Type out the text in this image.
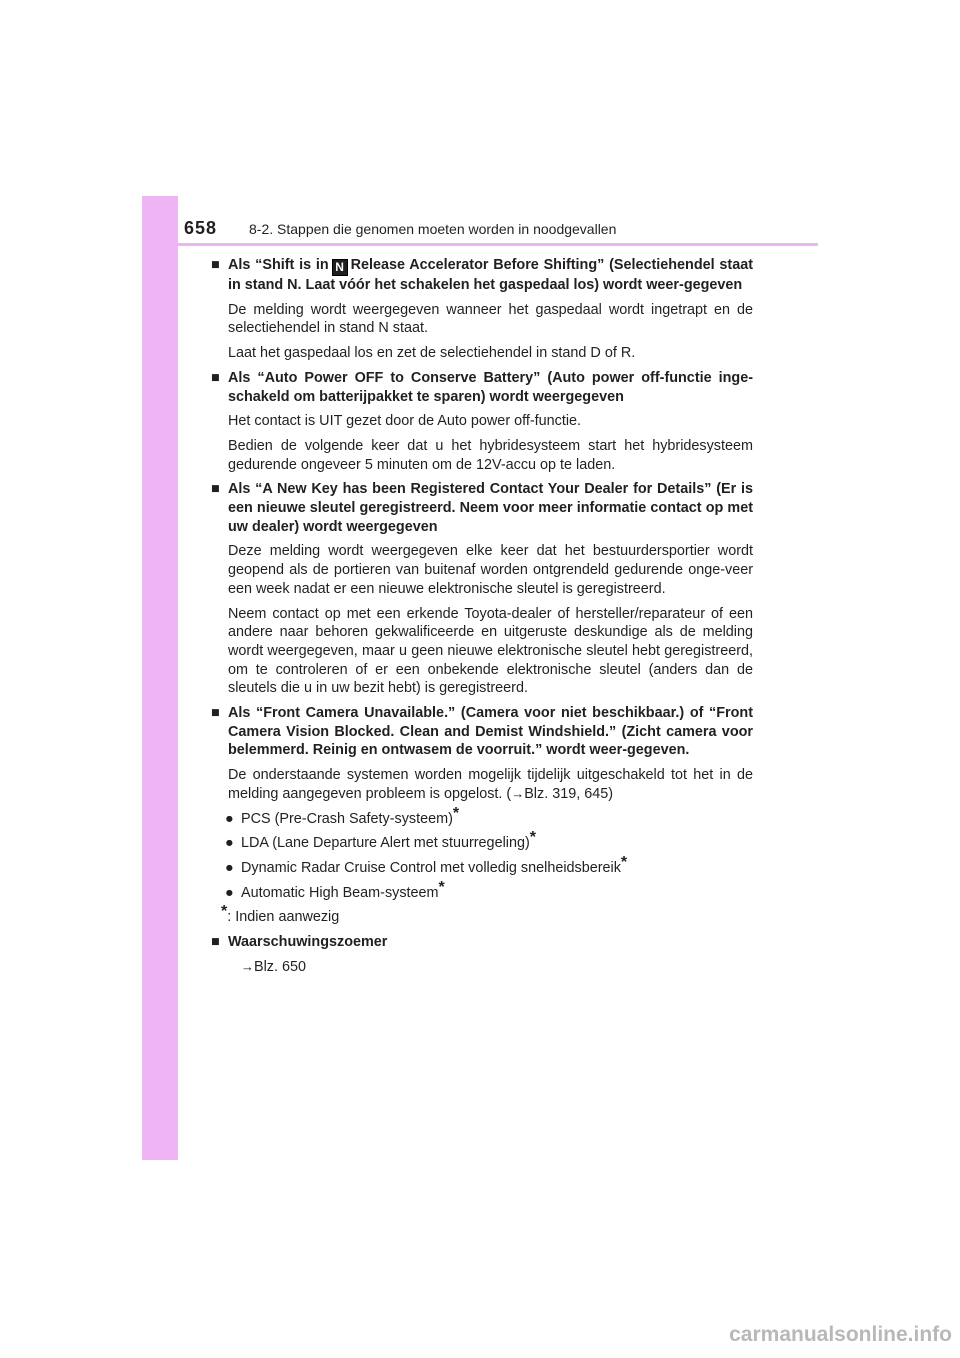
658 8-2. Stappen die genomen moeten worden in noodgevallen
■ Als “Shift is in N Release Accelerator Before Shifting” (Selectiehendel staat in stand N. Laat vóór het schakelen het gaspedaal los) wordt weer-gegeven
De melding wordt weergegeven wanneer het gaspedaal wordt ingetrapt en de selectiehendel in stand N staat.
Laat het gaspedaal los en zet de selectiehendel in stand D of R.
■ Als “Auto Power OFF to Conserve Battery” (Auto power off-functie inge-schakeld om batterijpakket te sparen) wordt weergegeven
Het contact is UIT gezet door de Auto power off-functie.
Bedien de volgende keer dat u het hybridesysteem start het hybridesysteem gedurende ongeveer 5 minuten om de 12V-accu op te laden.
■ Als “A New Key has been Registered Contact Your Dealer for Details” (Er is een nieuwe sleutel geregistreerd. Neem voor meer informatie contact op met uw dealer) wordt weergegeven
Deze melding wordt weergegeven elke keer dat het bestuurdersportier wordt geopend als de portieren van buitenaf worden ontgrendeld gedurende onge-veer een week nadat er een nieuwe elektronische sleutel is geregistreerd.
Neem contact op met een erkende Toyota-dealer of hersteller/reparateur of een andere naar behoren gekwalificeerde en uitgeruste deskundige als de melding wordt weergegeven, maar u geen nieuwe elektronische sleutel hebt geregistreerd, om te controleren of er een onbekende elektronische sleutel (anders dan de sleutels die u in uw bezit hebt) is geregistreerd.
■ Als “Front Camera Unavailable.” (Camera voor niet beschikbaar.) of “Front Camera Vision Blocked. Clean and Demist Windshield.” (Zicht camera voor belemmerd. Reinig en ontwasem de voorruit.” wordt weer-gegeven.
De onderstaande systemen worden mogelijk tijdelijk uitgeschakeld tot het in de melding aangegeven probleem is opgelost. (→Blz. 319, 645)
● PCS (Pre-Crash Safety-systeem)*
● LDA (Lane Departure Alert met stuurregeling)*
● Dynamic Radar Cruise Control met volledig snelheidsbereik*
● Automatic High Beam-systeem*
*: Indien aanwezig
■ Waarschuwingszoemer
→Blz. 650
carmanualsonline.info
